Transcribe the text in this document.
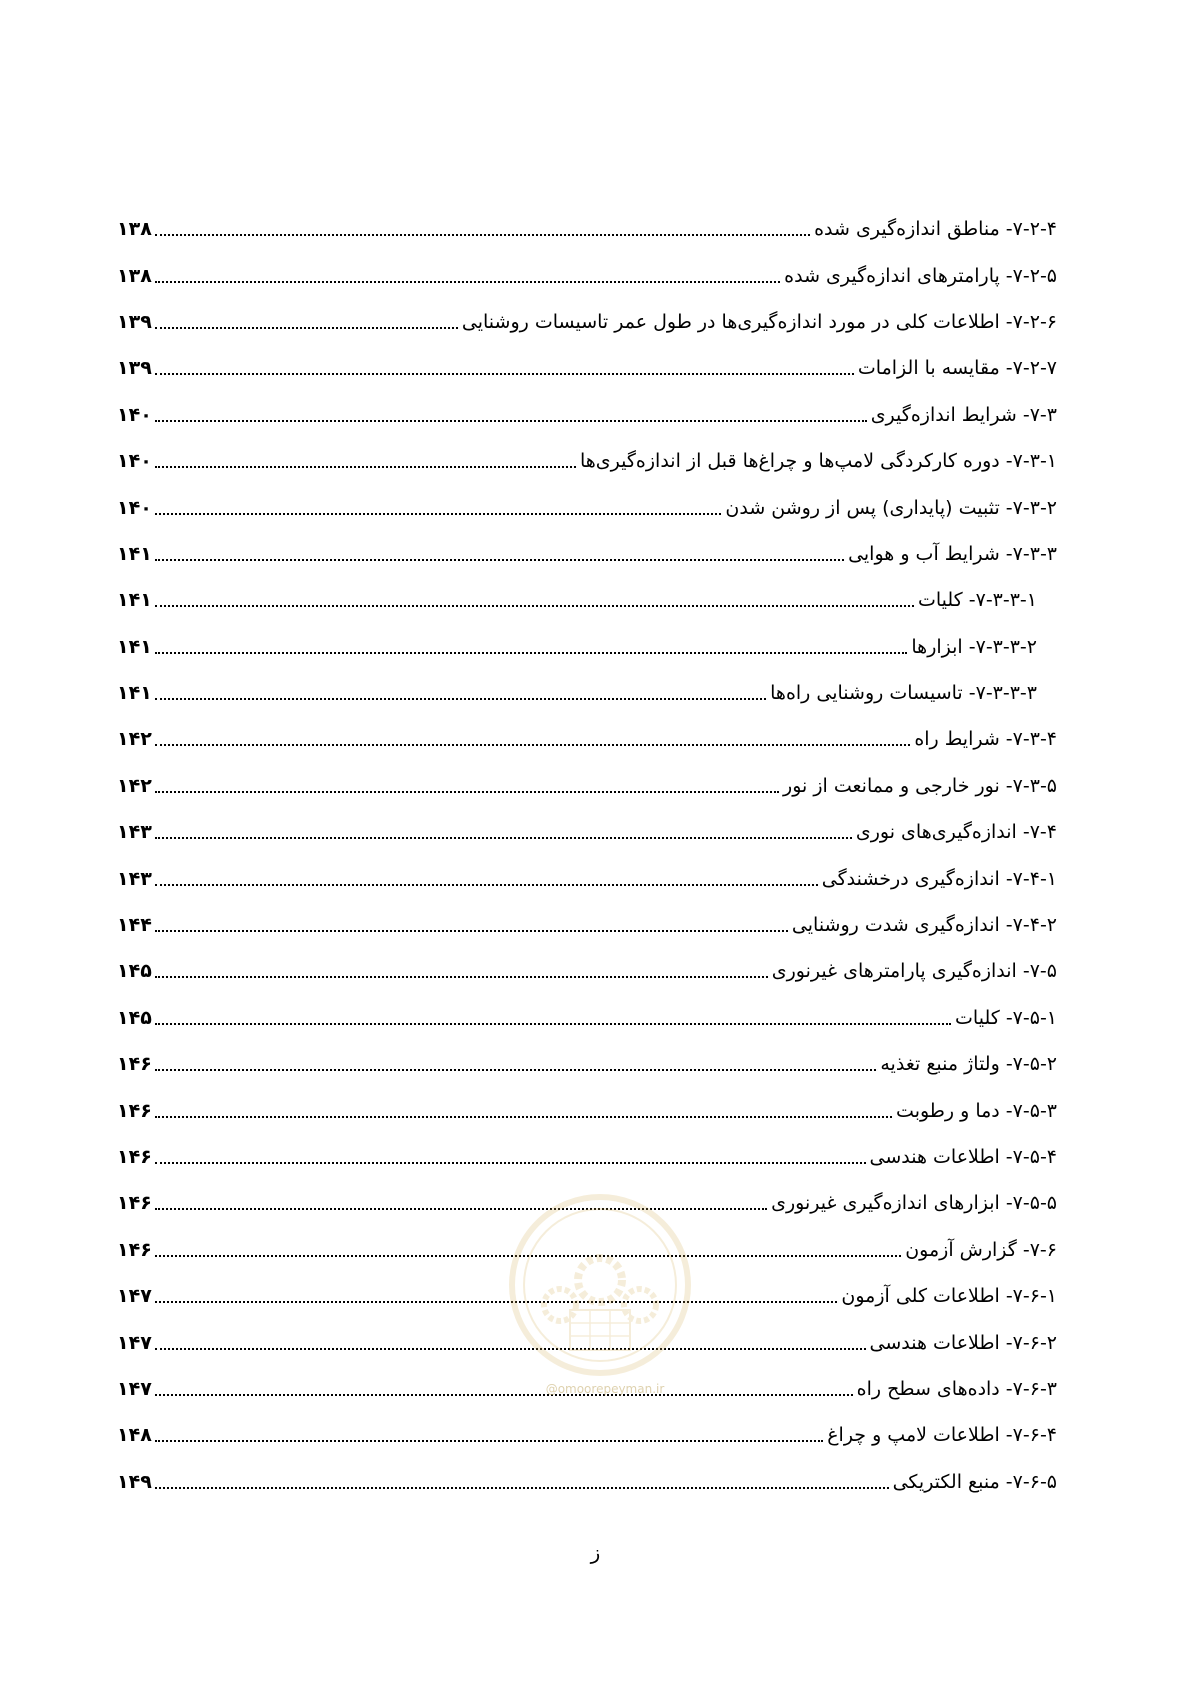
۷-۲-۴- مناطق اندازه‌گیری شده
۱۳۸
۷-۲-۵- پارامترهای اندازه‌گیری شده
۱۳۸
۷-۲-۶- اطلاعات کلی در مورد اندازه‌گیری‌ها در طول عمر تاسیسات روشنایی
۱۳۹
۷-۲-۷- مقایسه با الزامات
۱۳۹
۷-۳- شرایط اندازه‌گیری
۱۴۰
۷-۳-۱- دوره کارکردگی لامپ‌ها و چراغ‌ها قبل از اندازه‌گیری‌ها
۱۴۰
۷-۳-۲- تثبیت (پایداری) پس از روشن شدن
۱۴۰
۷-۳-۳- شرایط آب و هوایی
۱۴۱
۷-۳-۳-۱- کلیات
۱۴۱
۷-۳-۳-۲- ابزارها
۱۴۱
۷-۳-۳-۳- تاسیسات روشنایی راه‌ها
۱۴۱
۷-۳-۴- شرایط راه
۱۴۲
۷-۳-۵- نور خارجی و ممانعت از نور
۱۴۲
۷-۴- اندازه‌گیری‌های نوری
۱۴۳
۷-۴-۱- اندازه‌گیری درخشندگی
۱۴۳
۷-۴-۲- اندازه‌گیری شدت روشنایی
۱۴۴
۷-۵- اندازه‌گیری پارامترهای غیرنوری
۱۴۵
۷-۵-۱- کلیات
۱۴۵
۷-۵-۲- ولتاژ منبع تغذیه
۱۴۶
۷-۵-۳- دما و رطوبت
۱۴۶
۷-۵-۴- اطلاعات هندسی
۱۴۶
۷-۵-۵- ابزارهای اندازه‌گیری غیرنوری
۱۴۶
۷-۶- گزارش آزمون
۱۴۶
۷-۶-۱- اطلاعات کلی آزمون
۱۴۷
۷-۶-۲- اطلاعات هندسی
۱۴۷
۷-۶-۳- داده‌های سطح راه
۱۴۷
۷-۶-۴- اطلاعات لامپ و چراغ
۱۴۸
۷-۶-۵- منبع الکتریکی
۱۴۹
@omoorepeyman.ir
ز
